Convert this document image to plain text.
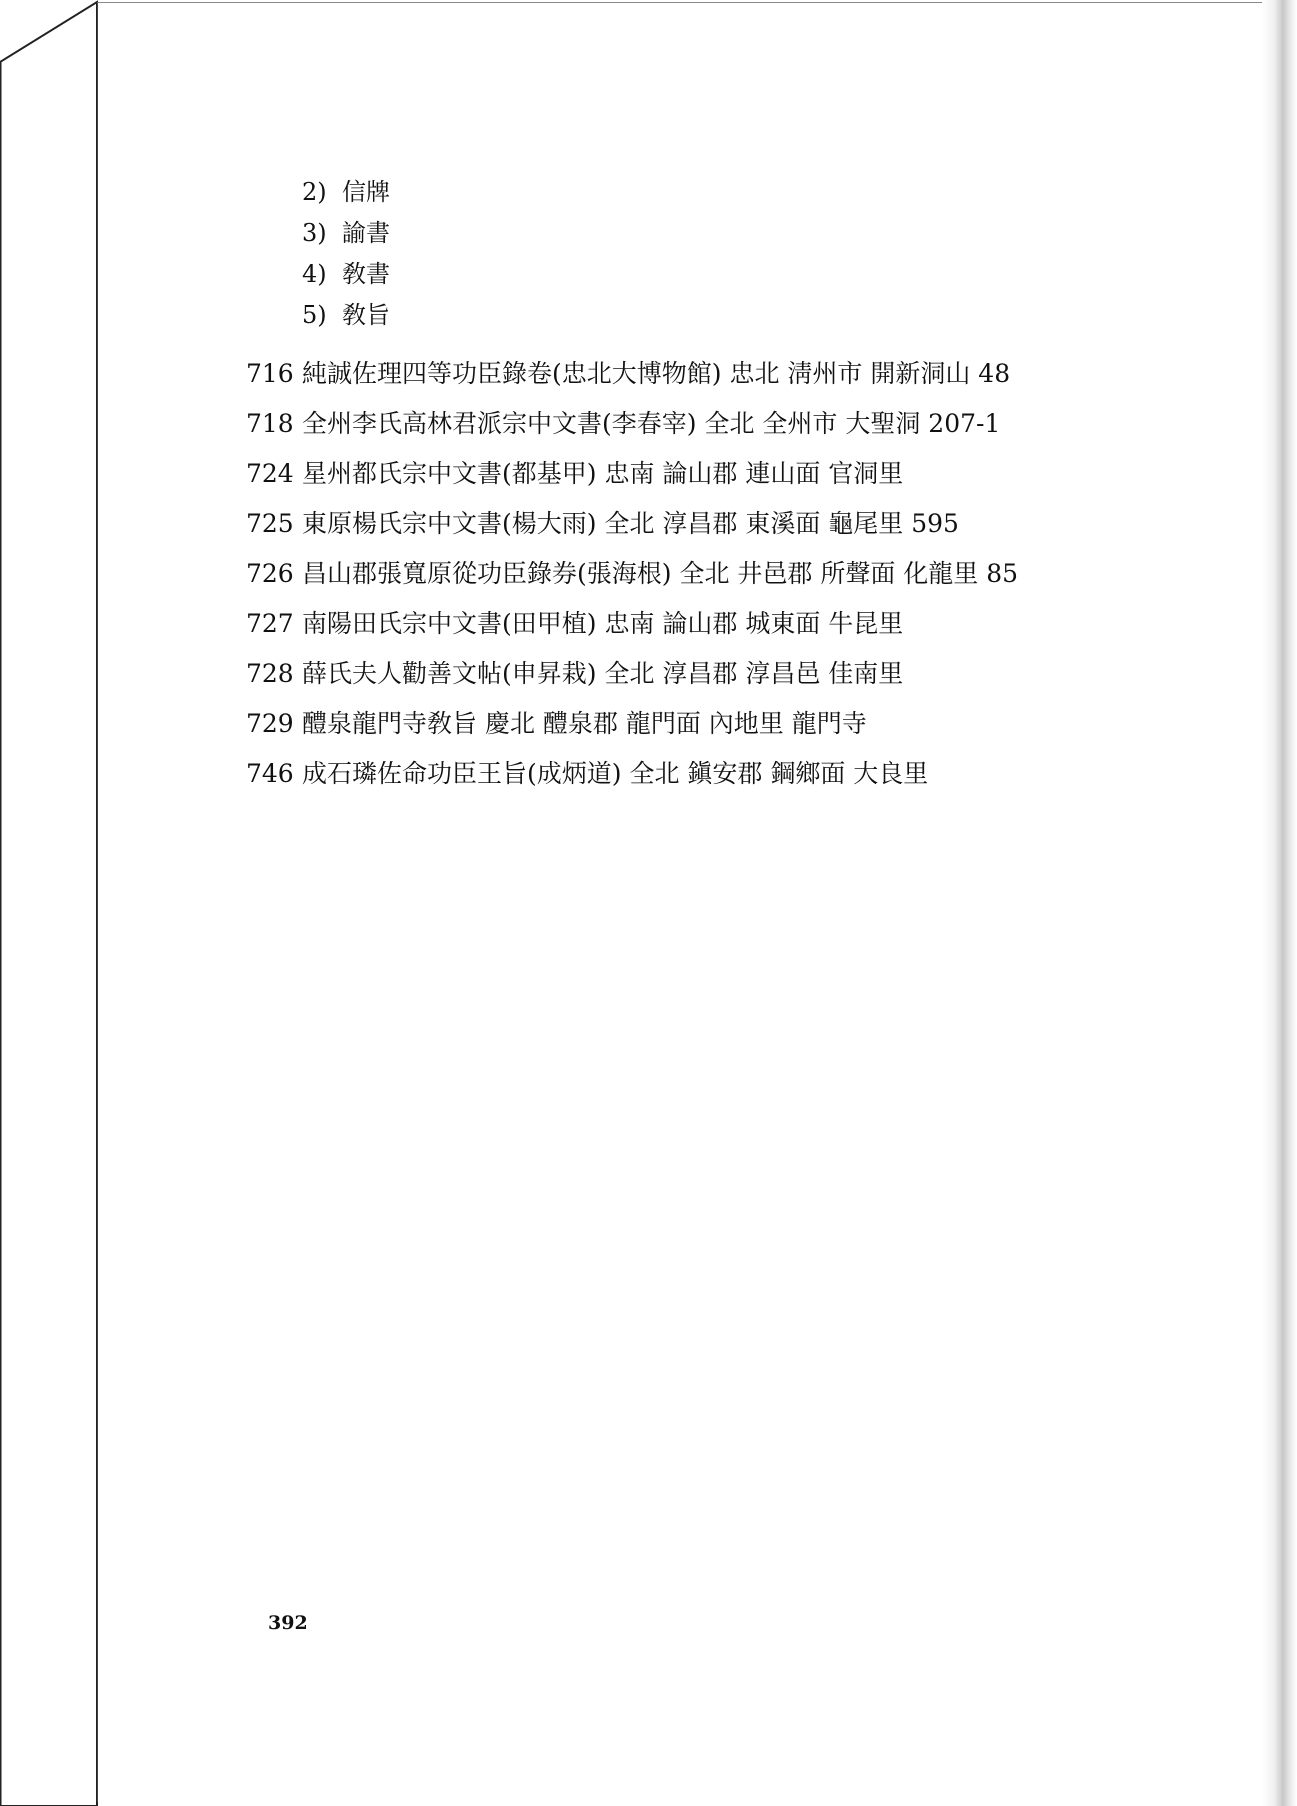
2) 信牌
3) 諭書
4) 敎書
5) 敎旨
716 純誠佐理四等功臣錄卷(忠北大博物館) 忠北 淸州市 開新洞山 48
718 全州李氏高林君派宗中文書(李春宰) 全北 全州市 大聖洞 207-1
724 星州都氏宗中文書(都基甲) 忠南 論山郡 連山面 官洞里
725 東原楊氏宗中文書(楊大雨) 全北 淳昌郡 東溪面 龜尾里 595
726 昌山郡張寬原從功臣錄券(張海根) 全北 井邑郡 所聲面 化龍里 85
727 南陽田氏宗中文書(田甲植) 忠南 論山郡 城東面 牛昆里
728 薛氏夫人勸善文帖(申昇栽) 全北 淳昌郡 淳昌邑 佳南里
729 醴泉龍門寺敎旨 慶北 醴泉郡 龍門面 內地里 龍門寺
746 成石璘佐命功臣王旨(成炳道) 全北 鎭安郡 鋼鄉面 大良里
392
